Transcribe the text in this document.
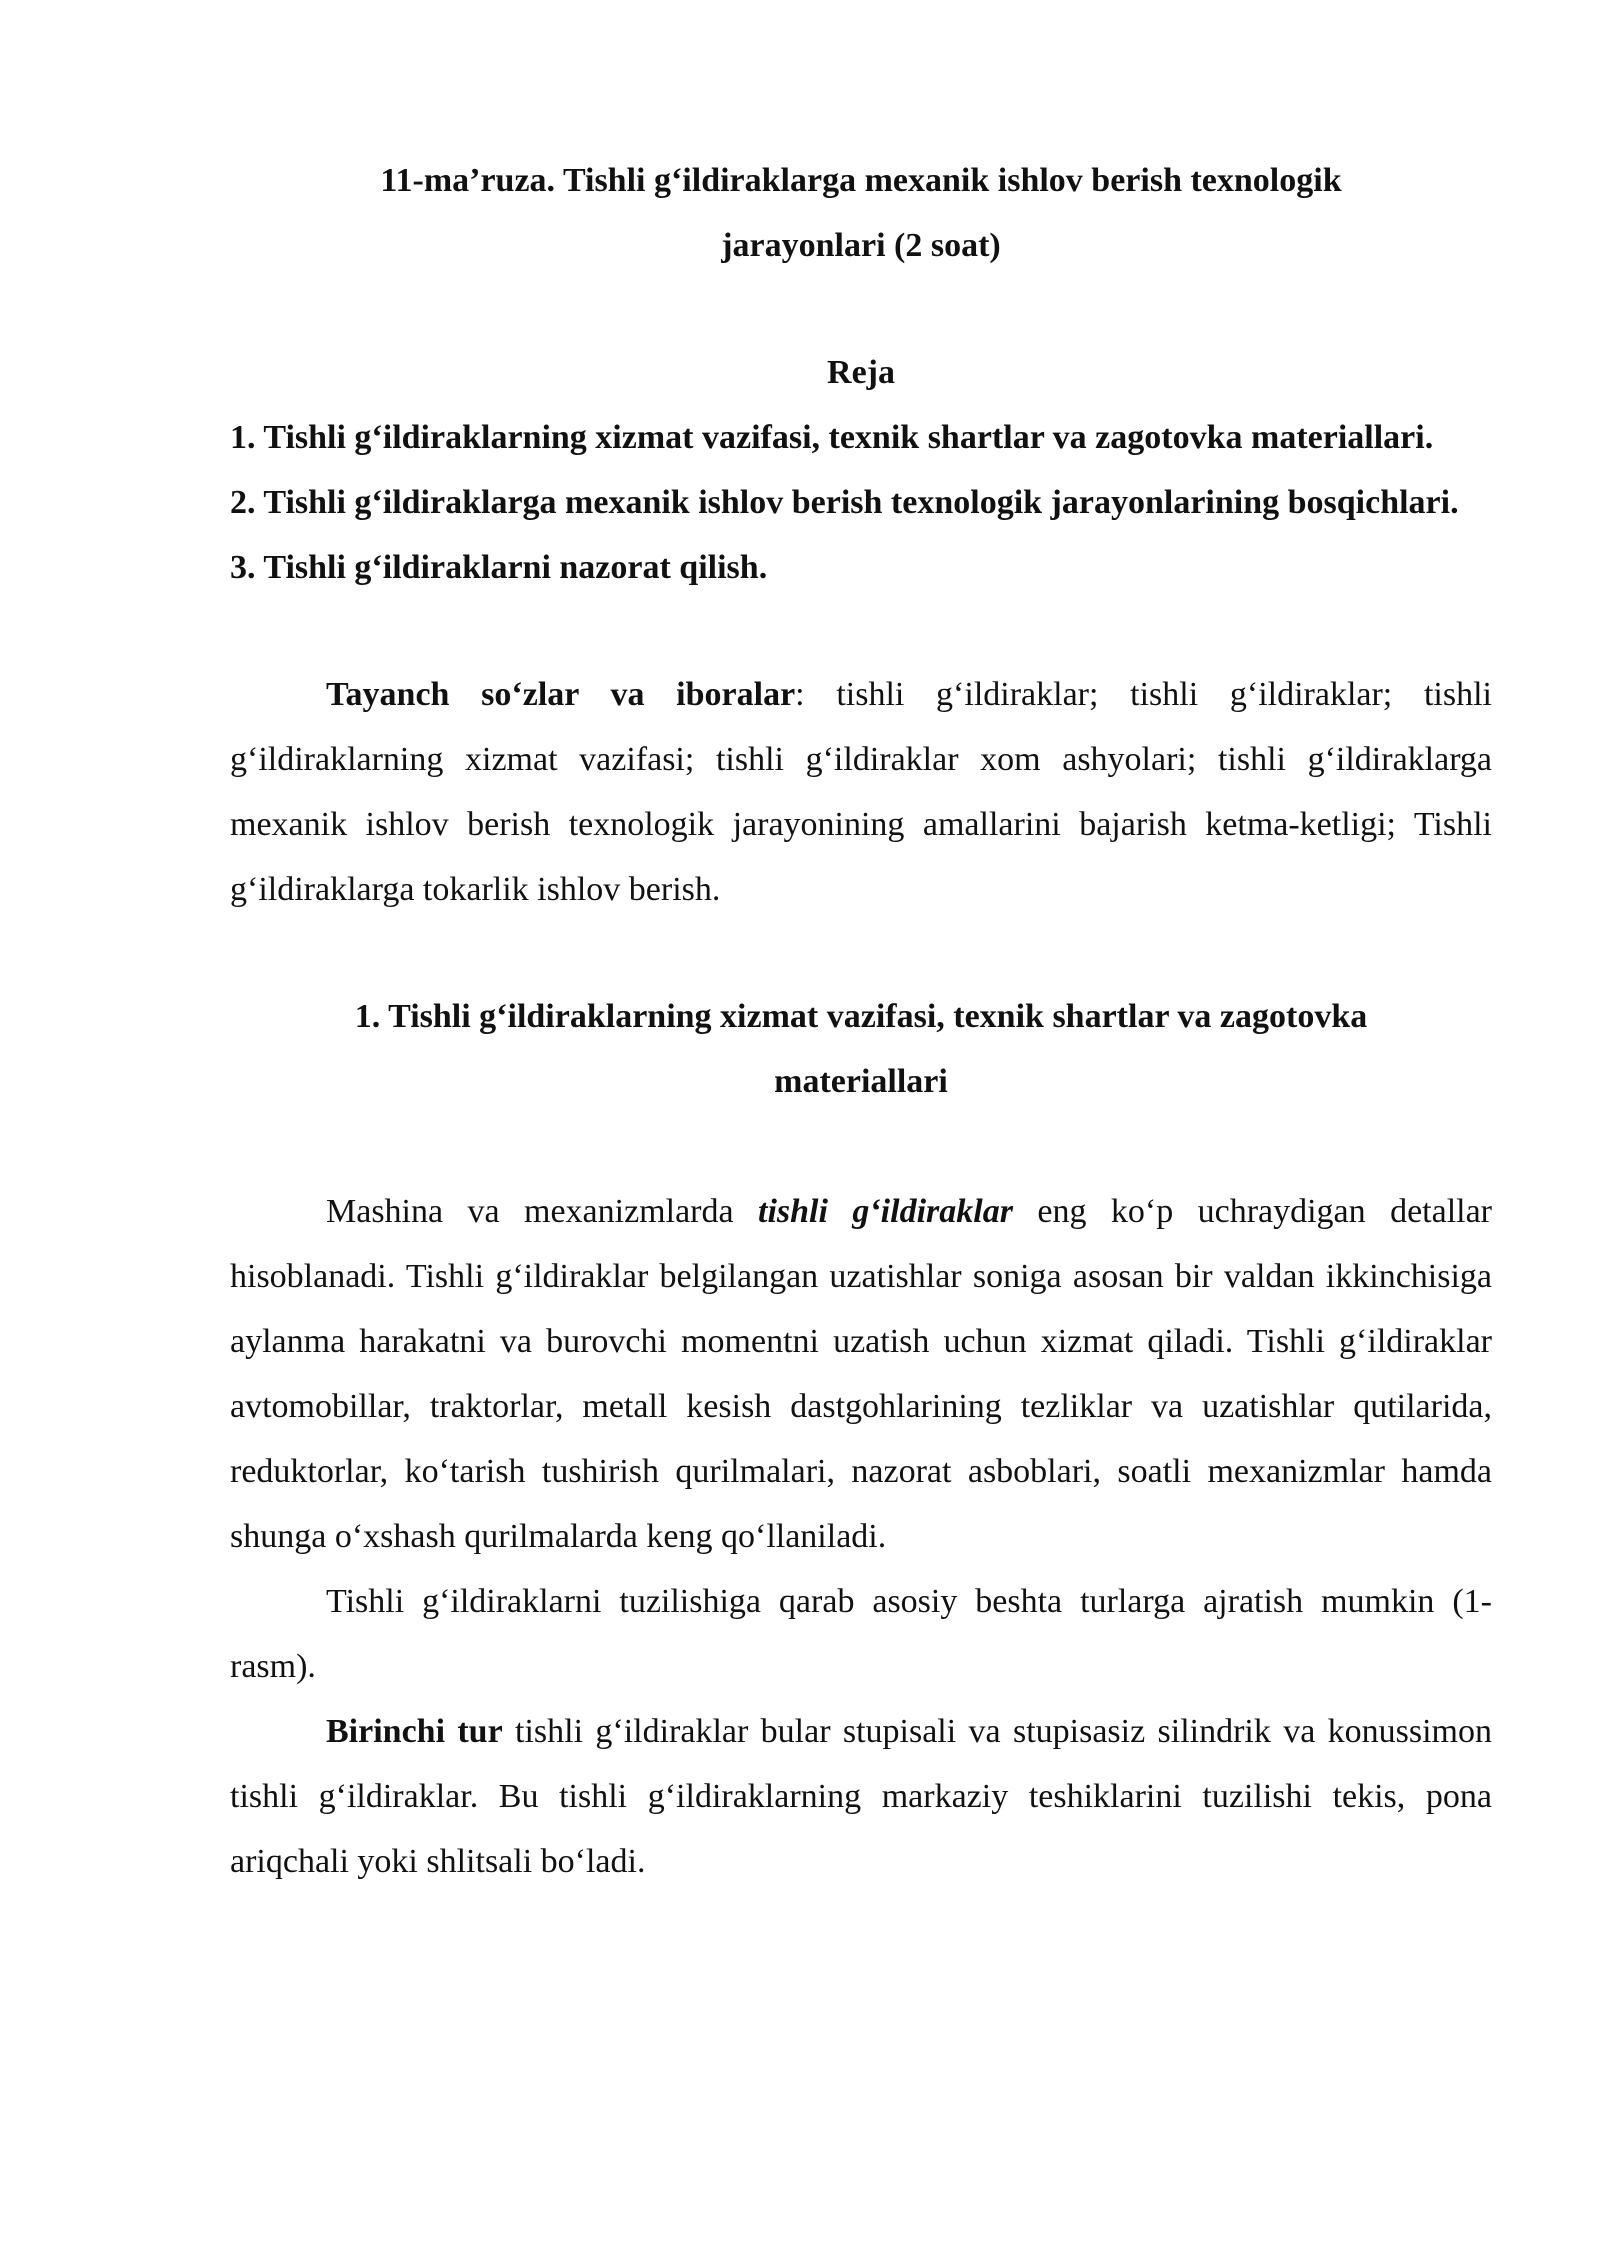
11-ma’ruza. Tishli g‘ildiraklarga mexanik ishlov berish texnologik

jarayonlari (2 soat)

Reja

1. Tishli g‘ildiraklarning xizmat vazifasi, texnik shartlar va zagotovka materiallari.

2. Tishli g‘ildiraklarga mexanik ishlov berish texnologik jarayonlarining bosqichlari.

3. Tishli g‘ildiraklarni nazorat qilish.

Tayanch so‘zlar va iboralar: tishli g‘ildiraklar; tishli g‘ildiraklar; tishli g‘ildiraklarning xizmat vazifasi; tishli g‘ildiraklar xom ashyolari; tishli g‘ildiraklarga mexanik ishlov berish texnologik jarayonining amallarini bajarish ketma-ketligi; Tishli g‘ildiraklarga tokarlik ishlov berish.

1. Tishli g‘ildiraklarning xizmat vazifasi, texnik shartlar va zagotovka

materiallari

Mashina va mexanizmlarda tishli g‘ildiraklar eng ko‘p uchraydigan detallar hisoblanadi. Tishli g‘ildiraklar belgilangan uzatishlar soniga asosan bir valdan ikkinchisiga aylanma harakatni va burovchi momentni uzatish uchun xizmat qiladi. Tishli g‘ildiraklar avtomobillar, traktorlar, metall kesish dastgohlarining tezliklar va uzatishlar qutilarida, reduktorlar, ko‘tarish tushirish qurilmalari, nazorat asboblari, soatli mexanizmlar hamda shunga o‘xshash qurilmalarda keng qo‘llaniladi.

Tishli g‘ildiraklarni tuzilishiga qarab asosiy beshta turlarga ajratish mumkin (1-rasm).

Birinchi tur tishli g‘ildiraklar bular stupisali va stupisasiz silindrik va konussimon tishli g‘ildiraklar. Bu tishli g‘ildiraklarning markaziy teshiklarini tuzilishi tekis, pona ariqchali yoki shlitsali bo‘ladi.
